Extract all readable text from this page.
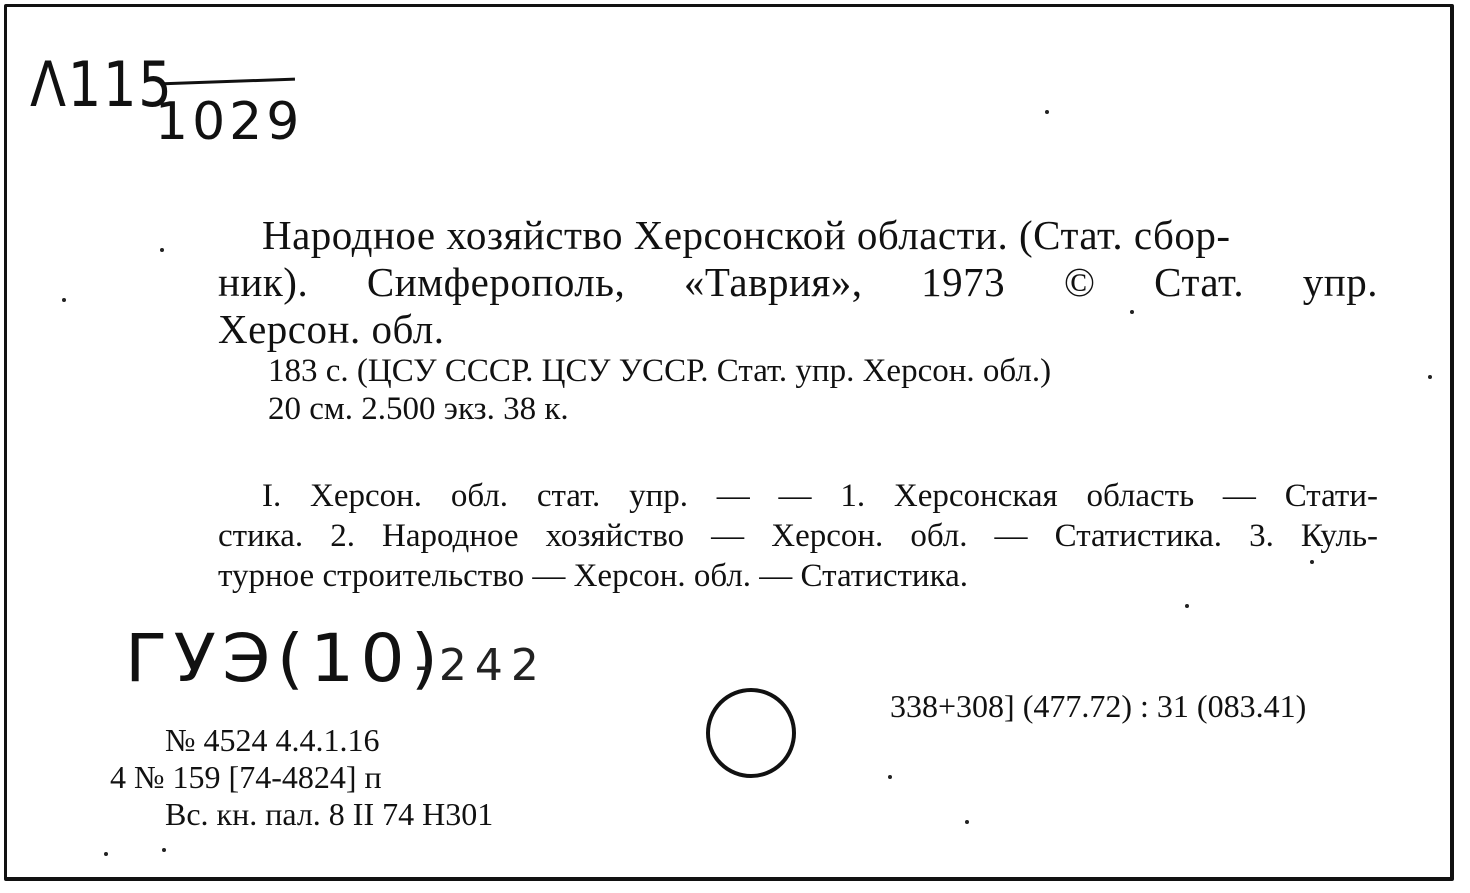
Λ115
1029

Народное хозяйство Херсонской области. (Стат. сбор-

ник). Симферополь, «Таврия», 1973 © Стат. упр.

Херсон. обл.

183 с. (ЦСУ СССР. ЦСУ УССР. Стат. упр. Херсон. обл.)
20 см. 2.500 экз. 38 к.
I. Херсон. обл. стат. упр. — — 1. Херсонская область — Стати-
стика. 2. Народное хозяйство — Херсон. обл. — Статистика. 3. Куль-
турное строительство — Херсон. обл. — Статистика.
ГУЭ(10)
-242
338+308] (477.72) : 31 (083.41)
№ 4524 4.4.1.16
4 № 159 [74-4824] п
Вс. кн. пал. 8 II 74 Н301
